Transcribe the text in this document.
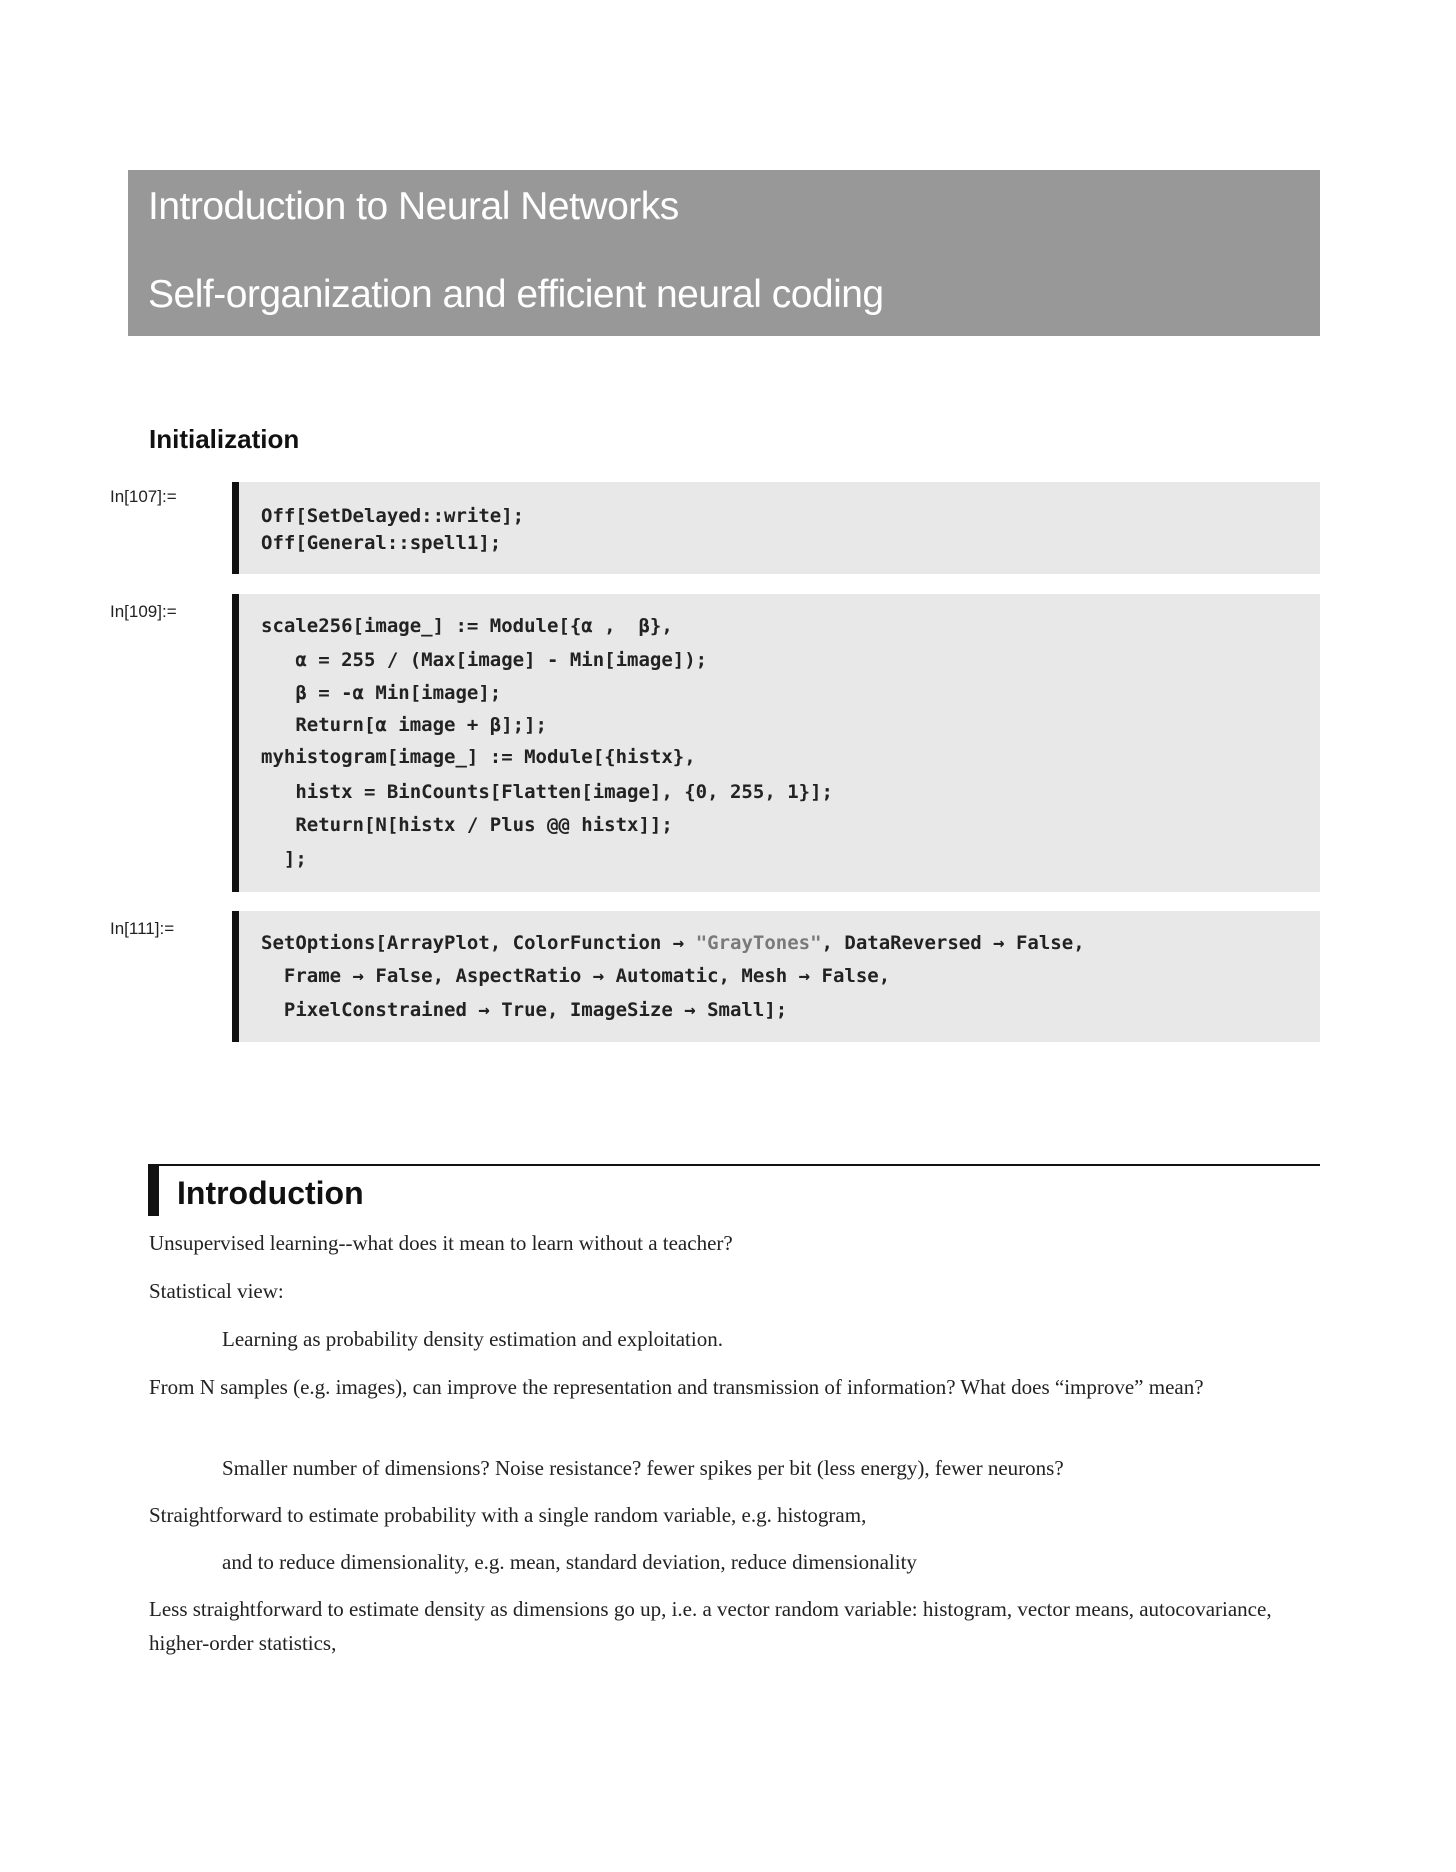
Introduction to Neural Networks
Self-organization and efficient neural coding
Initialization
In[107]:=
Off[SetDelayed::write];
Off[General::spell1];
In[109]:=
scale256[image_] := Module[{α ,  β},
α = 255 / (Max[image] - Min[image]);
β = -α Min[image];
Return[α image + β];];
myhistogram[image_] := Module[{histx},
histx = BinCounts[Flatten[image], {0, 255, 1}];
Return[N[histx / Plus @@ histx]];
];
In[111]:=
SetOptions[ArrayPlot, ColorFunction → "GrayTones", DataReversed → False,
Frame → False, AspectRatio → Automatic, Mesh → False,
PixelConstrained → True, ImageSize → Small];
Introduction
Unsupervised learning--what does it mean to learn without a teacher?
Statistical view:
Learning as probability density estimation and exploitation.
From N samples (e.g. images), can improve the representation and transmission of information? What does “improve” mean?
Smaller number of dimensions? Noise resistance? fewer spikes per bit (less energy), fewer neurons?
Straightforward to estimate probability with a single random variable, e.g. histogram,
and to reduce dimensionality, e.g. mean, standard deviation, reduce dimensionality
Less straightforward to estimate density as dimensions go up, i.e. a vector random variable: histogram, vector means, autocovariance, higher-order statistics,
